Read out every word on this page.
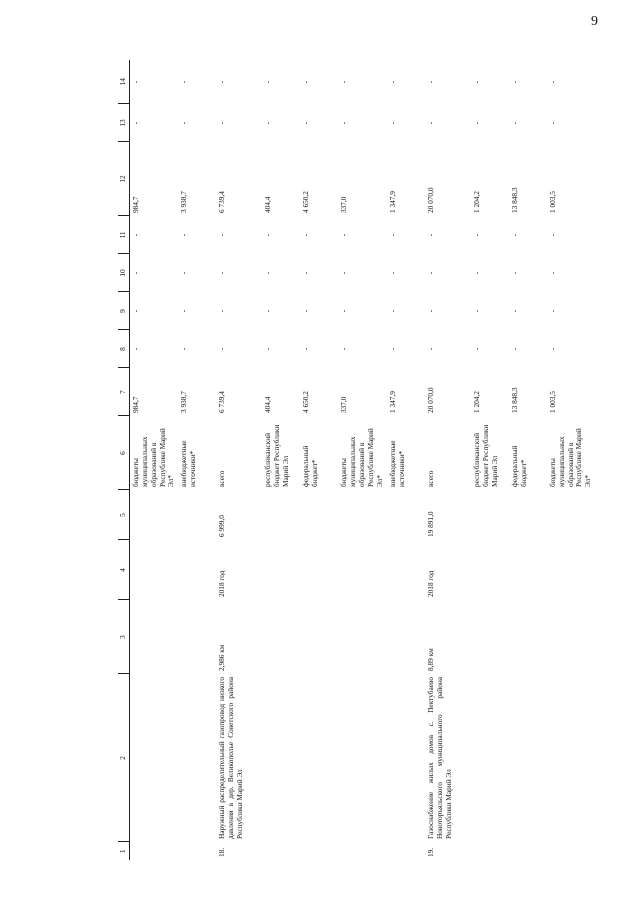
9
1	2	3	4	5	6	7	8	9	10	11	12	13	14
					бюджеты муниципальных образований в Республике Марий Эл*	984,7	-	-	-	-	984,7	-	-
					внебюджетные источники*	3 938,7	-	-	-	-	3 938,7	-	-
18.	Наружный распределительный газопровод низкого давления в дер. Великополье Советского района Республики Марий Эл	2,986 км	2018 год	6 999,0	всего	6 739,4	-	-	-	-	6 739,4	-	-
					республиканский бюджет Республики Марий Эл	404,4	-	-	-	-	404,4	-	-
					федеральный бюджет*	4 650,2	-	-	-	-	4 650,2	-	-
					бюджеты муниципальных образований в Республике Марий Эл*	337,0	-	-	-	-	337,0	-	-
					внебюджетные источники*	1 347,9	-	-	-	-	1 347,9	-	-
19.	Газоснабжение жилых домов с. Пектубаево Новоторъяльского муниципального района Республики Марий Эл	8,89 км	2018 год	19 891,0	всего	20 070,0	-	-	-	-	20 070,0	-	-
					республиканский бюджет Республики Марий Эл	1 204,2	-	-	-	-	1 204,2	-	-
					федеральный бюджет*	13 848,3	-	-	-	-	13 848,3	-	-
					бюджеты муниципальных образований в Республике Марий Эл*	1 003,5	-	-	-	-	1 003,5	-	-
